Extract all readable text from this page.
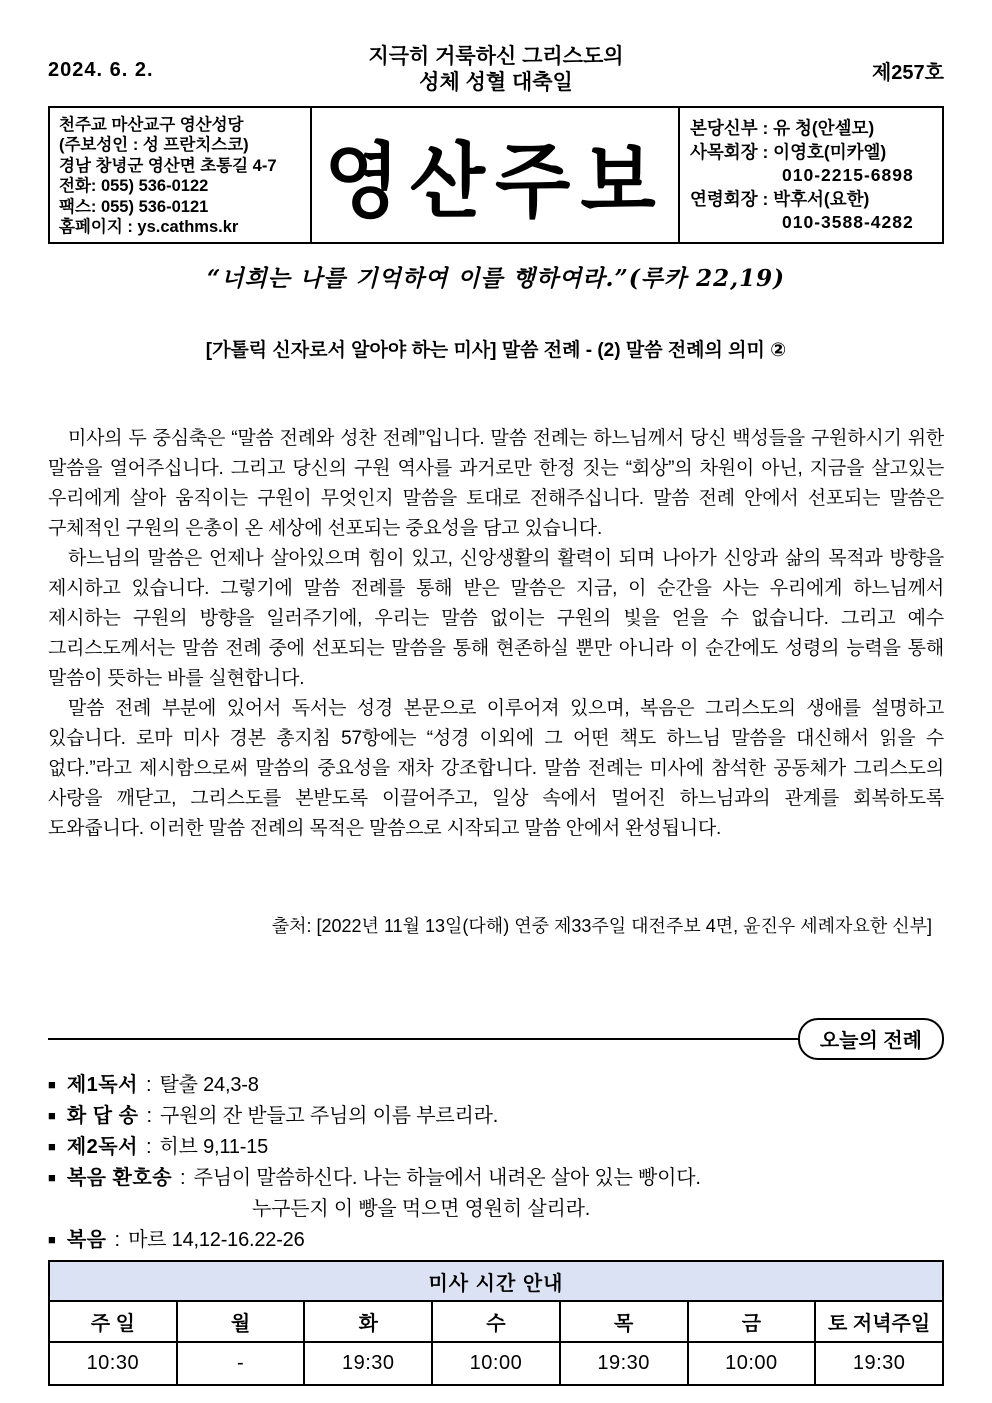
2024. 6. 2.
지극히 거룩하신 그리스도의
성체 성혈 대축일	제257호
천주교 마산교구 영산성당
(주보성인 : 성 프란치스코)
경남 창녕군 영산면 초통길 4-7
전화: 055) 536-0122
팩스: 055) 536-0121
홈페이지 : ys.cathms.kr	영산주보
본당신부 : 유 청(안셀모)
사목회장 : 이영호(미카엘)
010-2215-6898
연령회장 : 박후서(요한)
010-3588-4282
“너희는 나를 기억하여 이를 행하여라.”(루카 22,19)
[가톨릭 신자로서 알아야 하는 미사] 말씀 전례 - (2) 말씀 전례의 의미 ②

미사의 두 중심축은 “말씀 전례와 성찬 전례”입니다. 말씀 전례는 하느님께서 당신 백성들을 구원하시기 위한 말씀을 열어주십니다. 그리고 당신의 구원 역사를 과거로만 한정 짓는 “회상”의 차원이 아닌, 지금을 살고있는 우리에게 살아 움직이는 구원이 무엇인지 말씀을 토대로 전해주십니다. 말씀 전례 안에서 선포되는 말씀은 구체적인 구원의 은총이 온 세상에 선포되는 중요성을 담고 있습니다.

하느님의 말씀은 언제나 살아있으며 힘이 있고, 신앙생활의 활력이 되며 나아가 신앙과 삶의 목적과 방향을 제시하고 있습니다. 그렇기에 말씀 전례를 통해 받은 말씀은 지금, 이 순간을 사는 우리에게 하느님께서 제시하는 구원의 방향을 일러주기에, 우리는 말씀 없이는 구원의 빛을 얻을 수 없습니다. 그리고 예수 그리스도께서는 말씀 전례 중에 선포되는 말씀을 통해 현존하실 뿐만 아니라 이 순간에도 성령의 능력을 통해 말씀이 뜻하는 바를 실현합니다.

말씀 전례 부분에 있어서 독서는 성경 본문으로 이루어져 있으며, 복음은 그리스도의 생애를 설명하고 있습니다. 로마 미사 경본 총지침 57항에는 “성경 이외에 그 어떤 책도 하느님 말씀을 대신해서 읽을 수 없다.”라고 제시함으로써 말씀의 중요성을 재차 강조합니다. 말씀 전례는 미사에 참석한 공동체가 그리스도의 사랑을 깨닫고, 그리스도를 본받도록 이끌어주고, 일상 속에서 멀어진 하느님과의 관계를 회복하도록 도와줍니다. 이러한 말씀 전례의 목적은 말씀으로 시작되고 말씀 안에서 완성됩니다.

출처: [2022년 11월 13일(다해) 연중 제33주일 대전주보 4면, 윤진우 세례자요한 신부]
오늘의 전례
■ 제1독서 : 탈출 24,3-8
■ 화 답 송 : 구원의 잔 받들고 주님의 이름 부르리라.
■ 제2독서 : 히브 9,11-15
■ 복음 환호송 : 주님이 말씀하신다. 나는 하늘에서 내려온 살아 있는 빵이다.
누구든지 이 빵을 먹으면 영원히 살리라.
■ 복음 : 마르 14,12-16.22-26
미사 시간 안내						
주 일	월	화	수	목	금	토 저녁주일
10:30	-	19:30	10:00	19:30	10:00	19:30
